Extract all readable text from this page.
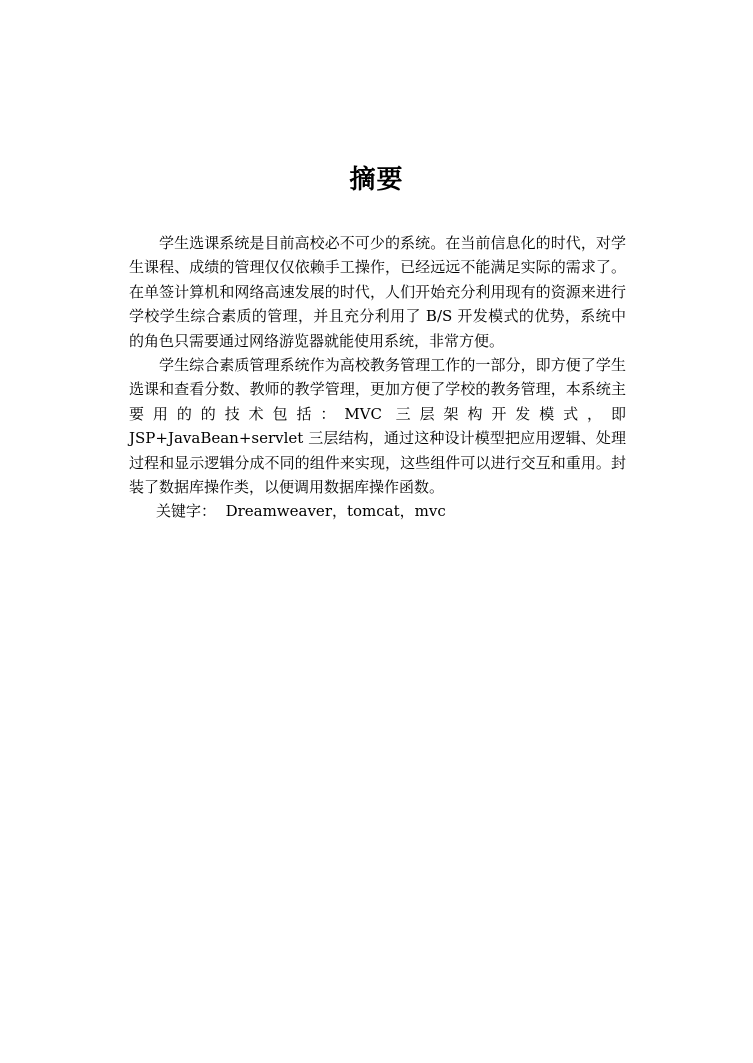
摘要

学生选课系统是目前高校必不可少的系统。在当前信息化的时代，对学生课程、成绩的管理仅仅依赖手工操作，已经远远不能满足实际的需求了。在单签计算机和网络高速发展的时代，人们开始充分利用现有的资源来进行学校学生综合素质的管理，并且充分利用了 B/S 开发模式的优势，系统中的角色只需要通过网络游览器就能使用系统，非常方便。

学生综合素质管理系统作为高校教务管理工作的一部分，即方便了学生选课和查看分数、教师的教学管理，更加方便了学校的教务管理，本系统主要用的的技术包括：MVC 三层架构开发模式，即 JSP+JavaBean+servlet 三层结构，通过这种设计模型把应用逻辑、处理过程和显示逻辑分成不同的组件来实现，这些组件可以进行交互和重用。封装了数据库操作类，以便调用数据库操作函数。

关键字： Dreamweaver，tomcat，mvc
